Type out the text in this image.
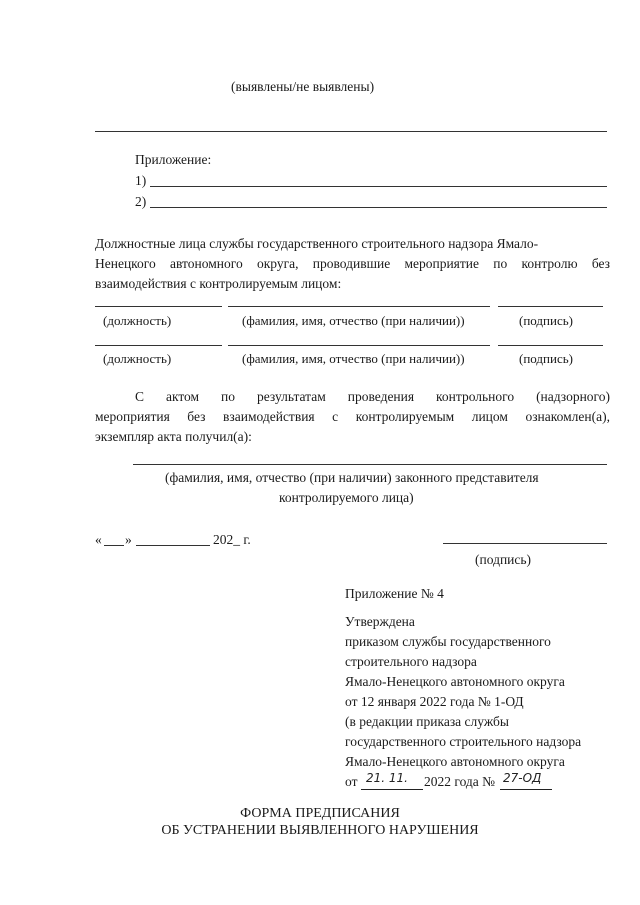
(выявлены/не выявлены)
Приложение:
1)
2)
Должностные лица службы государственного строительного надзора Ямало-
Ненецкого автономного округа, проводившие мероприятие по контролю без
взаимодействия с контролируемым лицом:
(должность)	(фамилия, имя, отчество (при наличии))	(подпись)
(должность)	(фамилия, имя, отчество (при наличии))	(подпись)
С актом по результатам проведения контрольного (надзорного)
мероприятия без взаимодействия с контролируемым лицом ознакомлен(а),
экземпляр акта получил(а):
(фамилия, имя, отчество (при наличии) законного представителя
контролируемого лица)
« »	202_ г.
(подпись)
Приложение № 4
Утверждена
приказом службы государственного
строительного надзора
Ямало-Ненецкого автономного округа
от 12 января 2022 года № 1-ОД
(в редакции приказа службы
государственного строительного надзора
Ямало-Ненецкого автономного округа
от 21. 11. 2022 года № 27-ОД
ФОРМА ПРЕДПИСАНИЯ
ОБ УСТРАНЕНИИ ВЫЯВЛЕННОГО НАРУШЕНИЯ
